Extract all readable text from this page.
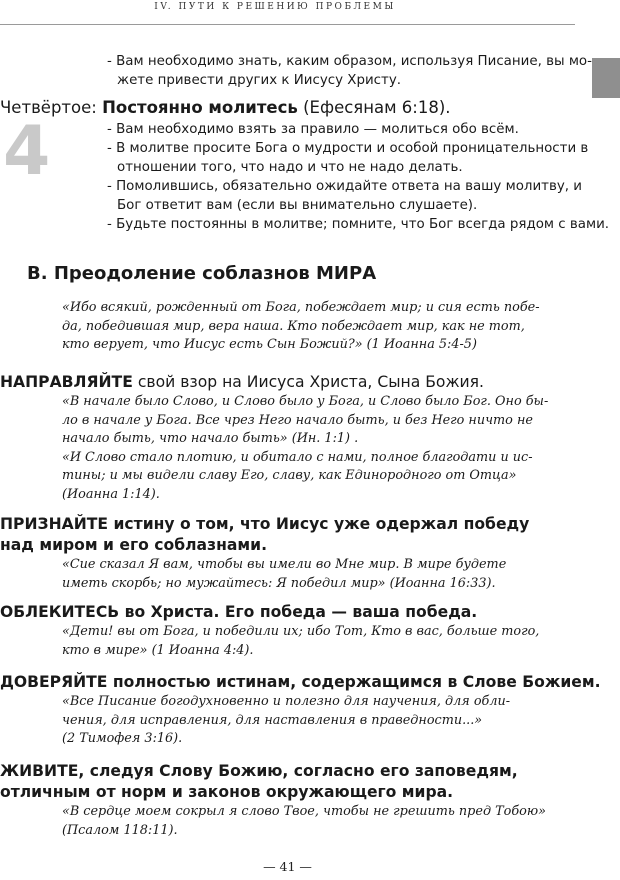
IV. ПУТИ К РЕШЕНИЮ ПРОБЛЕМЫ
- Вам необходимо знать, каким образом, используя Писание, вы мо-
жете привести других к Иисусу Христу.
Четвёртое: Постоянно молитесь (Ефесянам 6:18).
4	- Вам необходимо взять за правило — молиться обо всём.
- В молитве просите Бога о мудрости и особой проницательности в
отношении того, что надо и что не надо делать.
- Помолившись, обязательно ожидайте ответа на вашу молитву, и
Бог ответит вам (если вы внимательно слушаете).
- Будьте постоянны в молитве; помните, что Бог всегда рядом с вами.
В. Преодоление соблазнов МИРА
«Ибо всякий, рожденный от Бога, побеждает мир; и сия есть побе-
да, победившая мир, вера наша. Кто побеждает мир, как не тот,
кто верует, что Иисус есть Сын Божий?» (1 Иоанна 5:4-5)
НАПРАВЛЯЙТЕ свой взор на Иисуса Христа, Сына Божия.
«В начале было Слово, и Слово было у Бога, и Слово было Бог. Оно бы-
ло в начале у Бога. Все чрез Него начало быть, и без Него ничто не
начало быть, что начало быть» (Ин. 1:1) .
«И Слово стало плотию, и обитало с нами, полное благодати и ис-
тины; и мы видели славу Его, славу, как Единородного от Отца»
(Иоанна 1:14).
ПРИЗНАЙТЕ истину о том, что Иисус уже одержал победу
над миром и его соблазнами.
«Сие сказал Я вам, чтобы вы имели во Мне мир. В мире будете
иметь скорбь; но мужайтесь: Я победил мир» (Иоанна 16:33).
ОБЛЕКИТЕСЬ во Христа. Его победа — ваша победа.
«Дети! вы от Бога, и победили их; ибо Тот, Кто в вас, больше того,
кто в мире» (1 Иоанна 4:4).
ДОВЕРЯЙТЕ полностью истинам, содержащимся в Слове Божием.
«Все Писание богодухновенно и полезно для научения, для обли-
чения, для исправления, для наставления в праведности...»
(2 Тимофея 3:16).
ЖИВИТЕ, следуя Слову Божию, согласно его заповедям,
отличным от норм и законов окружающего мира.
«В сердце моем сокрыл я слово Твое, чтобы не грешить пред Тобою»
(Псалом 118:11).
— 41 —
